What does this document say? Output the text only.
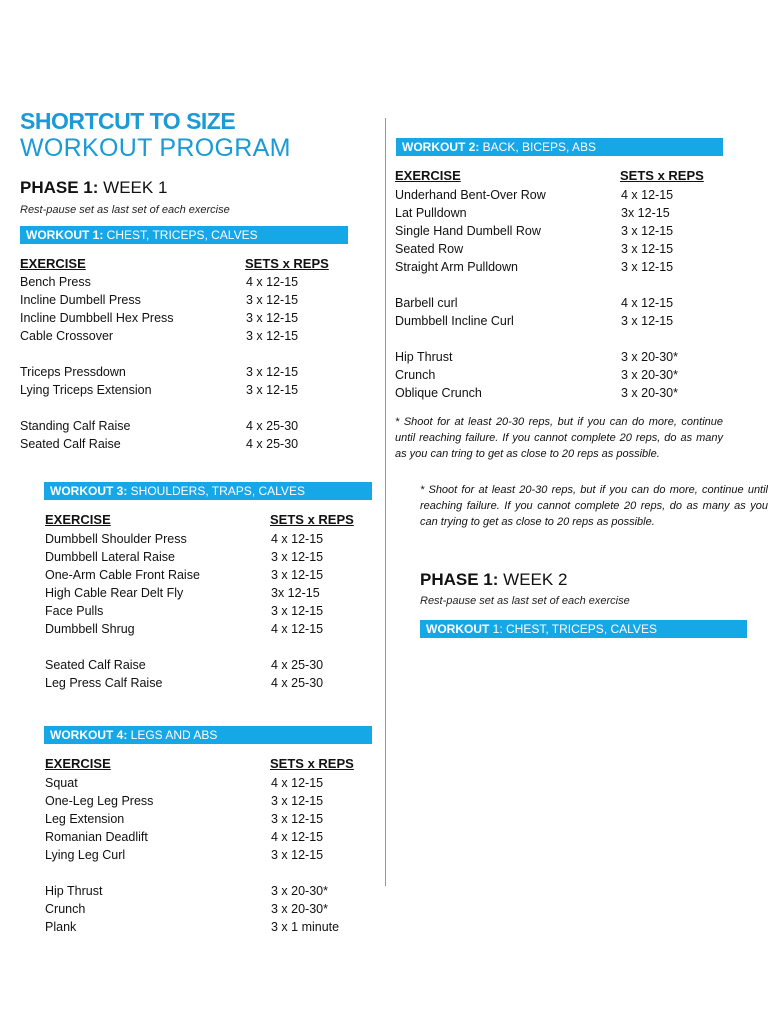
SHORTCUT TO SIZE
WORKOUT PROGRAM
PHASE 1: WEEK 1
Rest-pause set as last set of each exercise
WORKOUT 1: CHEST, TRICEPS, CALVES
EXERCISE	SETS x REPS
Bench Press	4 x 12-15
Incline Dumbell Press	3 x 12-15
Incline Dumbbell Hex Press	3 x 12-15
Cable Crossover	3 x 12-15
Triceps Pressdown	3 x 12-15
Lying Triceps Extension	3 x 12-15
Standing Calf Raise	4 x 25-30
Seated Calf Raise	4 x 25-30
WORKOUT 3: SHOULDERS, TRAPS, CALVES
EXERCISE	SETS x REPS
Dumbbell Shoulder Press	4 x 12-15
Dumbbell Lateral Raise	3 x 12-15
One-Arm Cable Front Raise	3 x 12-15
High Cable Rear Delt Fly	3x 12-15
Face Pulls	3 x 12-15
Dumbbell Shrug	4 x 12-15
Seated Calf Raise	4 x 25-30
Leg Press Calf Raise	4 x 25-30
WORKOUT 4: LEGS AND ABS
EXERCISE	SETS x REPS
Squat	4 x 12-15
One-Leg Leg Press	3 x 12-15
Leg Extension	3 x 12-15
Romanian Deadlift	4 x 12-15
Lying Leg Curl	3 x 12-15
Hip Thrust	3 x 20-30*
Crunch	3 x 20-30*
Plank	3 x 1 minute
WORKOUT 2: BACK, BICEPS, ABS
EXERCISE	SETS x REPS
Underhand Bent-Over Row	4 x 12-15
Lat Pulldown	3x 12-15
Single Hand Dumbell Row	3 x 12-15
Seated Row	3 x 12-15
Straight Arm Pulldown	3 x 12-15
Barbell curl	4 x 12-15
Dumbbell Incline Curl	3 x 12-15
Hip Thrust	3 x 20-30*
Crunch	3 x 20-30*
Oblique Crunch	3 x 20-30*
* Shoot for at least 20-30 reps, but if you can do more, continue until reaching failure. If you cannot complete 20 reps, do as many as you can tring to get as close to 20 reps as possible.
* Shoot for at least 20-30 reps, but if you can do more, continue until reaching failure. If you cannot complete 20 reps, do as many as you can trying to get as close to 20 reps as possible.
PHASE 1: WEEK 2
Rest-pause set as last set of each exercise
WORKOUT 1: CHEST, TRICEPS, CALVES
